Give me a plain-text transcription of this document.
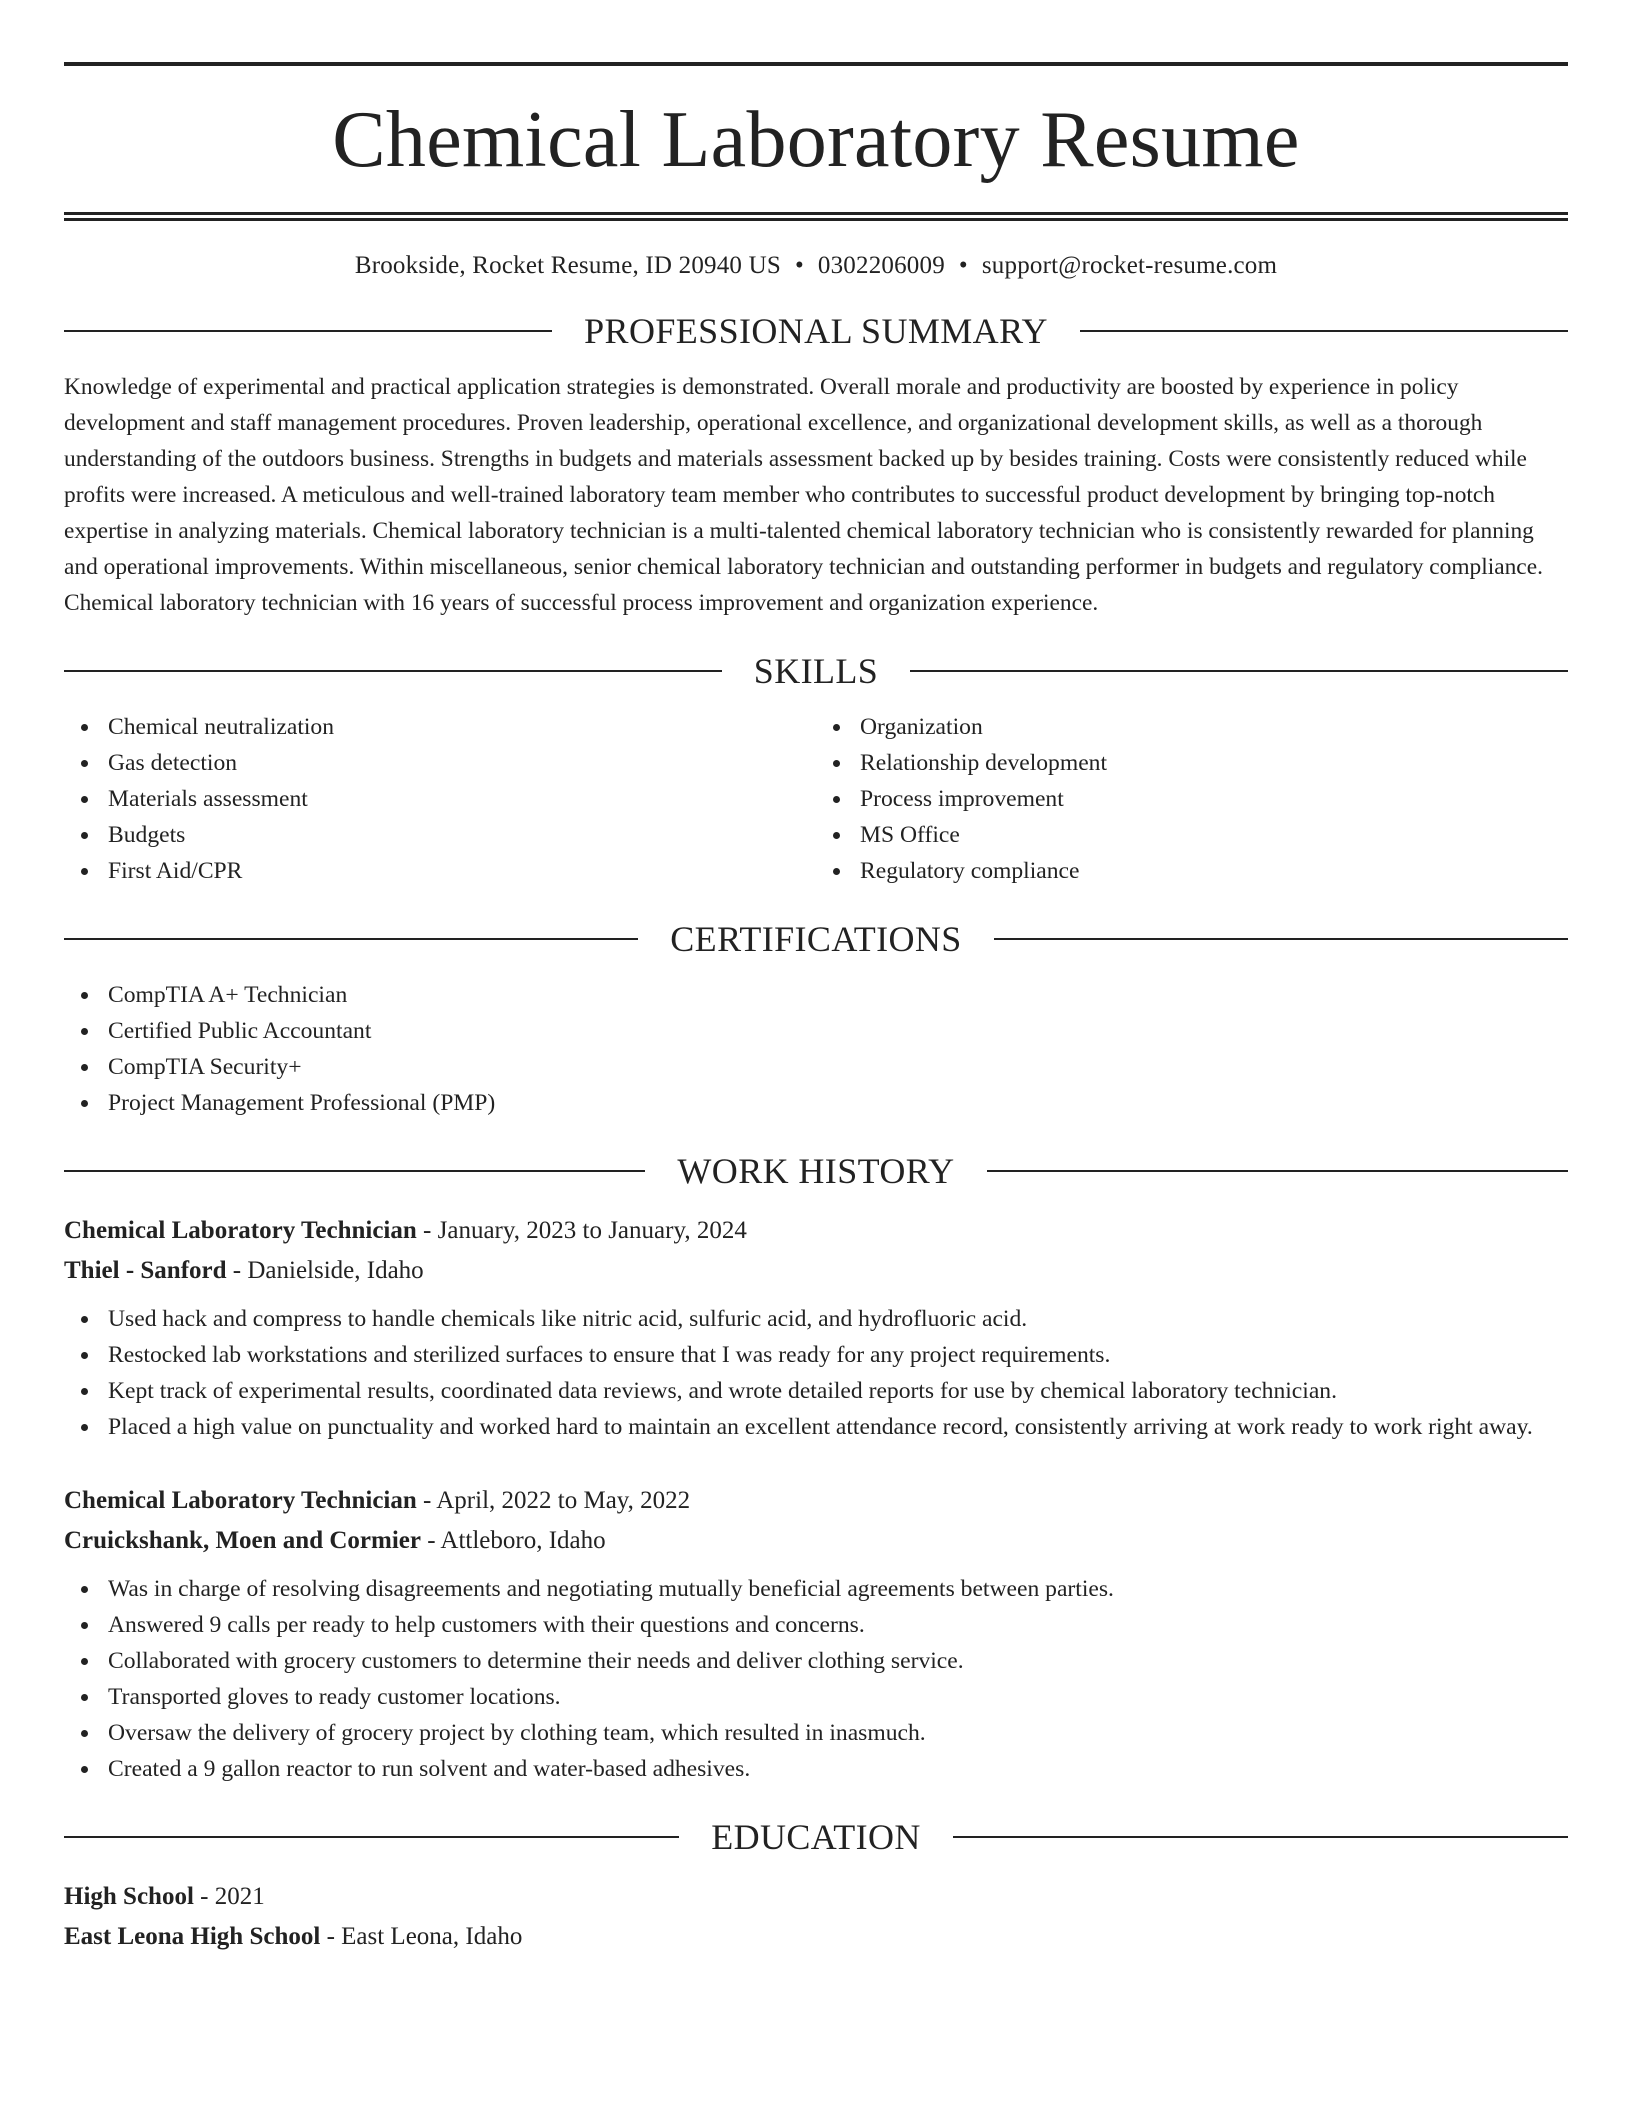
Chemical Laboratory Resume
Brookside, Rocket Resume, ID 20940 US • 0302206009 • support@rocket-resume.com
PROFESSIONAL SUMMARY

Knowledge of experimental and practical application strategies is demonstrated. Overall morale and productivity are boosted by experience in policy development and staff management procedures. Proven leadership, operational excellence, and organizational development skills, as well as a thorough understanding of the outdoors business. Strengths in budgets and materials assessment backed up by besides training. Costs were consistently reduced while profits were increased. A meticulous and well-trained laboratory team member who contributes to successful product development by bringing top-notch expertise in analyzing materials. Chemical laboratory technician is a multi-talented chemical laboratory technician who is consistently rewarded for planning and operational improvements. Within miscellaneous, senior chemical laboratory technician and outstanding performer in budgets and regulatory compliance. Chemical laboratory technician with 16 years of successful process improvement and organization experience.

SKILLS
Chemical neutralization
Gas detection
Materials assessment
Budgets
First Aid/CPR
Organization
Relationship development
Process improvement
MS Office
Regulatory compliance
CERTIFICATIONS
CompTIA A+ Technician
Certified Public Accountant
CompTIA Security+
Project Management Professional (PMP)
WORK HISTORY
Chemical Laboratory Technician - January, 2023 to January, 2024
Thiel - Sanford - Danielside, Idaho
Used hack and compress to handle chemicals like nitric acid, sulfuric acid, and hydrofluoric acid.
Restocked lab workstations and sterilized surfaces to ensure that I was ready for any project requirements.
Kept track of experimental results, coordinated data reviews, and wrote detailed reports for use by chemical laboratory technician.
Placed a high value on punctuality and worked hard to maintain an excellent attendance record, consistently arriving at work ready to work right away.
Chemical Laboratory Technician - April, 2022 to May, 2022
Cruickshank, Moen and Cormier - Attleboro, Idaho
Was in charge of resolving disagreements and negotiating mutually beneficial agreements between parties.
Answered 9 calls per ready to help customers with their questions and concerns.
Collaborated with grocery customers to determine their needs and deliver clothing service.
Transported gloves to ready customer locations.
Oversaw the delivery of grocery project by clothing team, which resulted in inasmuch.
Created a 9 gallon reactor to run solvent and water-based adhesives.
EDUCATION
High School - 2021
East Leona High School - East Leona, Idaho
